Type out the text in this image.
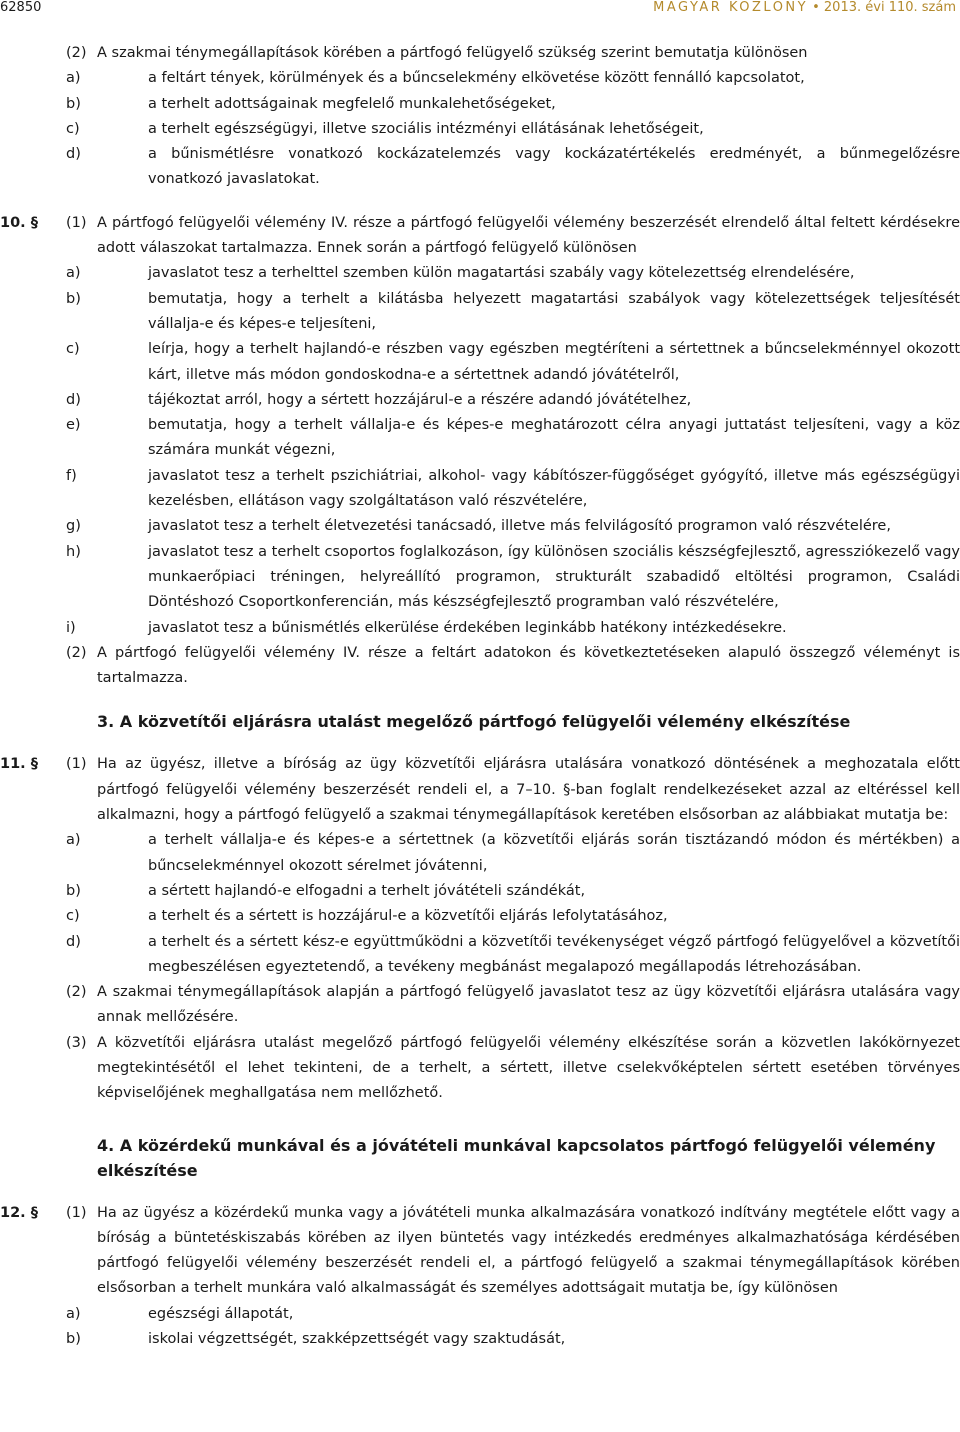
62850	MAGYAR KÖZLÖNY • 2013. évi 110. szám
(2) A szakmai ténymegállapítások körében a pártfogó felügyelő szükség szerint bemutatja különösen
a)	a feltárt tények, körülmények és a bűncselekmény elkövetése között fennálló kapcsolatot,
b)	a terhelt adottságainak megfelelő munkalehetőségeket,
c)	a terhelt egészségügyi, illetve szociális intézményi ellátásának lehetőségeit,
d)	a bűnismétlésre vonatkozó kockázatelemzés vagy kockázatértékelés eredményét, a bűnmegelőzésre vonatkozó javaslatokat.
10. § (1) A pártfogó felügyelői vélemény IV. része a pártfogó felügyelői vélemény beszerzését elrendelő által feltett kérdésekre adott válaszokat tartalmazza. Ennek során a pártfogó felügyelő különösen
a)	javaslatot tesz a terhelttel szemben külön magatartási szabály vagy kötelezettség elrendelésére,
b)	bemutatja, hogy a terhelt a kilátásba helyezett magatartási szabályok vagy kötelezettségek teljesítését vállalja-e és képes-e teljesíteni,
c)	leírja, hogy a terhelt hajlandó-e részben vagy egészben megtéríteni a sértettnek a bűncselekménnyel okozott kárt, illetve más módon gondoskodna-e a sértettnek adandó jóvátételről,
d)	tájékoztat arról, hogy a sértett hozzájárul-e a részére adandó jóvátételhez,
e)	bemutatja, hogy a terhelt vállalja-e és képes-e meghatározott célra anyagi juttatást teljesíteni, vagy a köz számára munkát végezni,
f)	javaslatot tesz a terhelt pszichiátriai, alkohol- vagy kábítószer-függőséget gyógyító, illetve más egészségügyi kezelésben, ellátáson vagy szolgáltatáson való részvételére,
g)	javaslatot tesz a terhelt életvezetési tanácsadó, illetve más felvilágosító programon való részvételére,
h)	javaslatot tesz a terhelt csoportos foglalkozáson, így különösen szociális készségfejlesztő, agressziókezelő vagy munkaerőpiaci tréningen, helyreállító programon, strukturált szabadidő eltöltési programon, Családi Döntéshozó Csoportkonferencián, más készségfejlesztő programban való részvételére,
i)	javaslatot tesz a bűnismétlés elkerülése érdekében leginkább hatékony intézkedésekre.
(2) A pártfogó felügyelői vélemény IV. része a feltárt adatokon és következtetéseken alapuló összegző véleményt is tartalmazza.
3. A közvetítői eljárásra utalást megelőző pártfogó felügyelői vélemény elkészítése
11. § (1) Ha az ügyész, illetve a bíróság az ügy közvetítői eljárásra utalására vonatkozó döntésének a meghozatala előtt pártfogó felügyelői vélemény beszerzését rendeli el, a 7–10. §-ban foglalt rendelkezéseket azzal az eltéréssel kell alkalmazni, hogy a pártfogó felügyelő a szakmai ténymegállapítások keretében elsősorban az alábbiakat mutatja be:
a)	a terhelt vállalja-e és képes-e a sértettnek (a közvetítői eljárás során tisztázandó módon és mértékben) a bűncselekménnyel okozott sérelmet jóvátenni,
b)	a sértett hajlandó-e elfogadni a terhelt jóvátételi szándékát,
c)	a terhelt és a sértett is hozzájárul-e a közvetítői eljárás lefolytatásához,
d)	a terhelt és a sértett kész-e együttműködni a közvetítői tevékenységet végző pártfogó felügyelővel a közvetítői megbeszélésen egyeztetendő, a tevékeny megbánást megalapozó megállapodás létrehozásában.
(2) A szakmai ténymegállapítások alapján a pártfogó felügyelő javaslatot tesz az ügy közvetítői eljárásra utalására vagy annak mellőzésére.
(3) A közvetítői eljárásra utalást megelőző pártfogó felügyelői vélemény elkészítése során a közvetlen lakókörnyezet megtekintésétől el lehet tekinteni, de a terhelt, a sértett, illetve cselekvőképtelen sértett esetében törvényes képviselőjének meghallgatása nem mellőzhető.
4. A közérdekű munkával és a jóvátételi munkával kapcsolatos pártfogó felügyelői vélemény elkészítése
12. § (1) Ha az ügyész a közérdekű munka vagy a jóvátételi munka alkalmazására vonatkozó indítvány megtétele előtt vagy a bíróság a büntetéskiszabás körében az ilyen büntetés vagy intézkedés eredményes alkalmazhatósága kérdésében pártfogó felügyelői vélemény beszerzését rendeli el, a pártfogó felügyelő a szakmai ténymegállapítások körében elsősorban a terhelt munkára való alkalmasságát és személyes adottságait mutatja be, így különösen
a)	egészségi állapotát,
b)	iskolai végzettségét, szakképzettségét vagy szaktudását,
